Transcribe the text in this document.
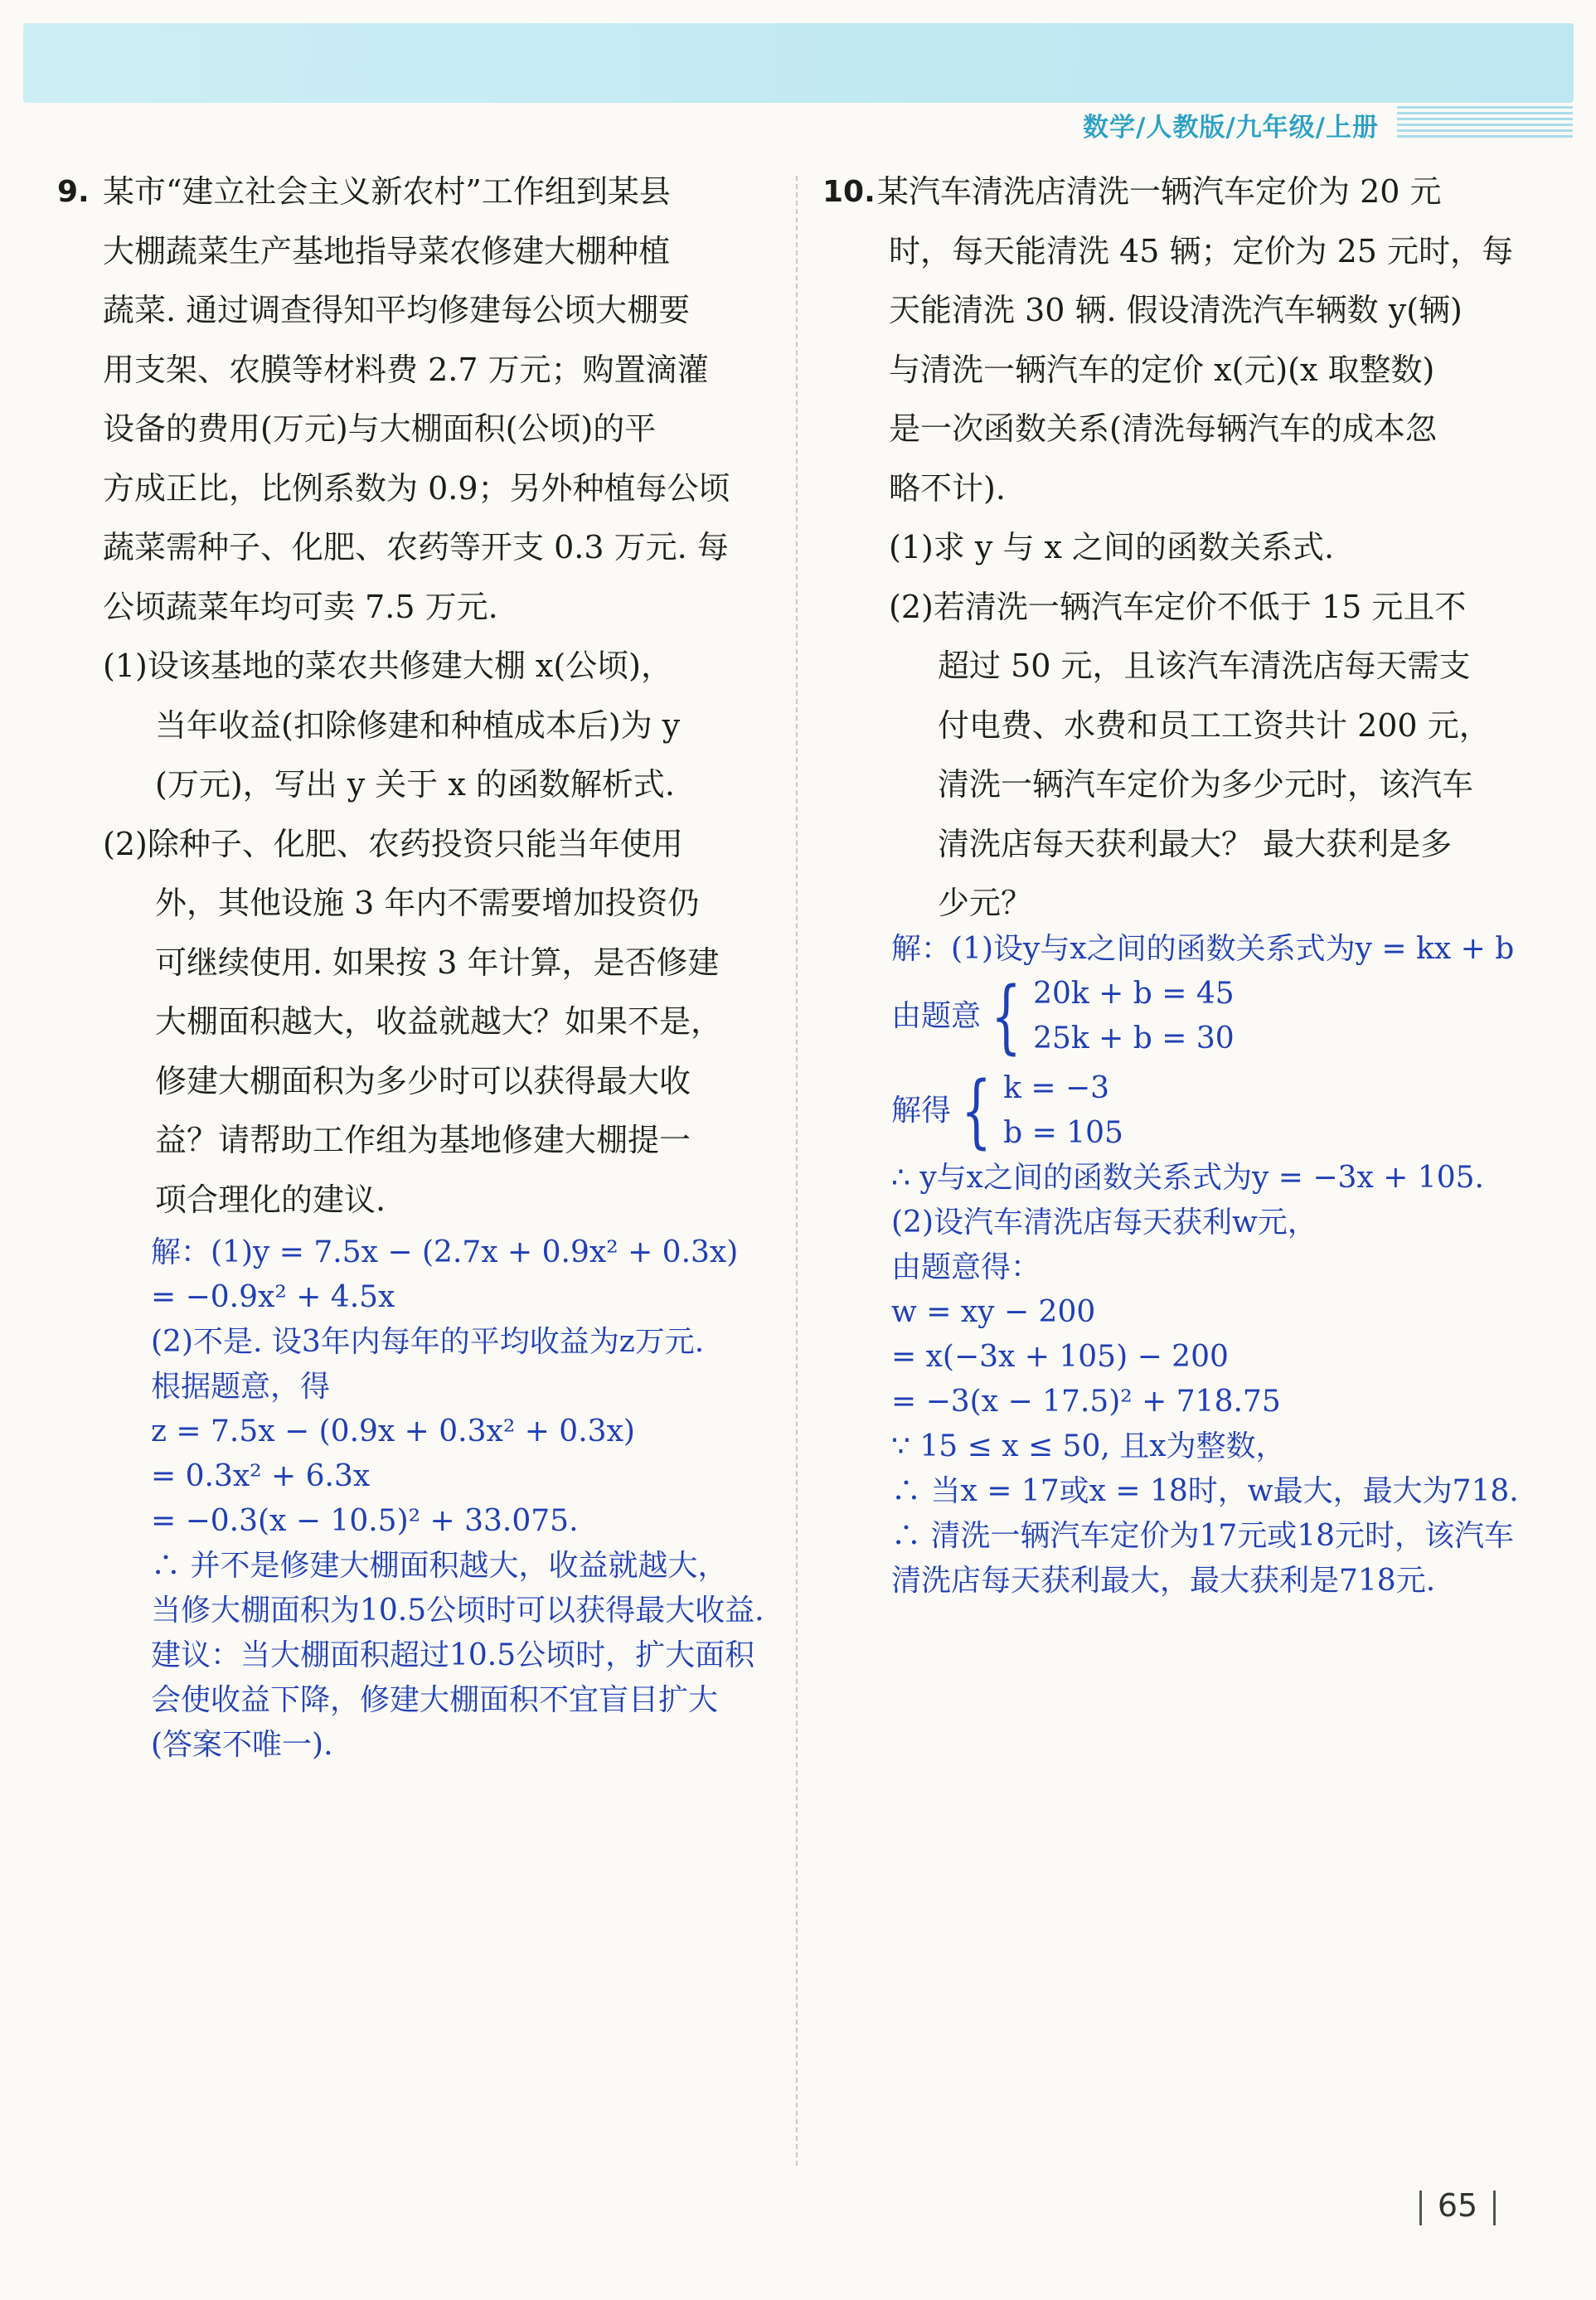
数学/人教版/九年级/上册
9. 某市“建立社会主义新农村”工作组到某县
大棚蔬菜生产基地指导菜农修建大棚种植
蔬菜. 通过调查得知平均修建每公顷大棚要
用支架、农膜等材料费 2.7 万元；购置滴灌
设备的费用(万元)与大棚面积(公顷)的平
方成正比，比例系数为 0.9；另外种植每公顷
蔬菜需种子、化肥、农药等开支 0.3 万元. 每
公顷蔬菜年均可卖 7.5 万元.
(1)设该基地的菜农共修建大棚 x(公顷)，
当年收益(扣除修建和种植成本后)为 y
(万元)，写出 y 关于 x 的函数解析式.
(2)除种子、化肥、农药投资只能当年使用
外，其他设施 3 年内不需要增加投资仍
可继续使用. 如果按 3 年计算，是否修建
大棚面积越大，收益就越大？如果不是，
修建大棚面积为多少时可以获得最大收
益？请帮助工作组为基地修建大棚提一
项合理化的建议.
解：(1)y = 7.5x − (2.7x + 0.9x² + 0.3x)
= −0.9x² + 4.5x
(2)不是. 设3年内每年的平均收益为z万元.
根据题意，得
z = 7.5x − (0.9x + 0.3x² + 0.3x)
= 0.3x² + 6.3x
= −0.3(x − 10.5)² + 33.075.
∴ 并不是修建大棚面积越大，收益就越大，
当修大棚面积为10.5公顷时可以获得最大收益.
建议：当大棚面积超过10.5公顷时，扩大面积
会使收益下降，修建大棚面积不宜盲目扩大
(答案不唯一).
10. 某汽车清洗店清洗一辆汽车定价为 20 元
时，每天能清洗 45 辆；定价为 25 元时，每
天能清洗 30 辆. 假设清洗汽车辆数 y(辆)
与清洗一辆汽车的定价 x(元)(x 取整数)
是一次函数关系(清洗每辆汽车的成本忽
略不计).
(1)求 y 与 x 之间的函数关系式.
(2)若清洗一辆汽车定价不低于 15 元且不
超过 50 元，且该汽车清洗店每天需支
付电费、水费和员工工资共计 200 元，
清洗一辆汽车定价为多少元时，该汽车
清洗店每天获利最大？ 最大获利是多
少元？
解：(1)设y与x之间的函数关系式为y = kx + b
由题意 { 20k + b = 45
25k + b = 30
解得 { k = −3
b = 105
∴ y与x之间的函数关系式为y = −3x + 105.
(2)设汽车清洗店每天获利w元，
由题意得：
w = xy − 200
= x(−3x + 105) − 200
= −3(x − 17.5)² + 718.75
∵ 15 ≤ x ≤ 50, 且x为整数，
∴ 当x = 17或x = 18时，w最大，最大为718.
∴ 清洗一辆汽车定价为17元或18元时，该汽车
清洗店每天获利最大，最大获利是718元.
65
